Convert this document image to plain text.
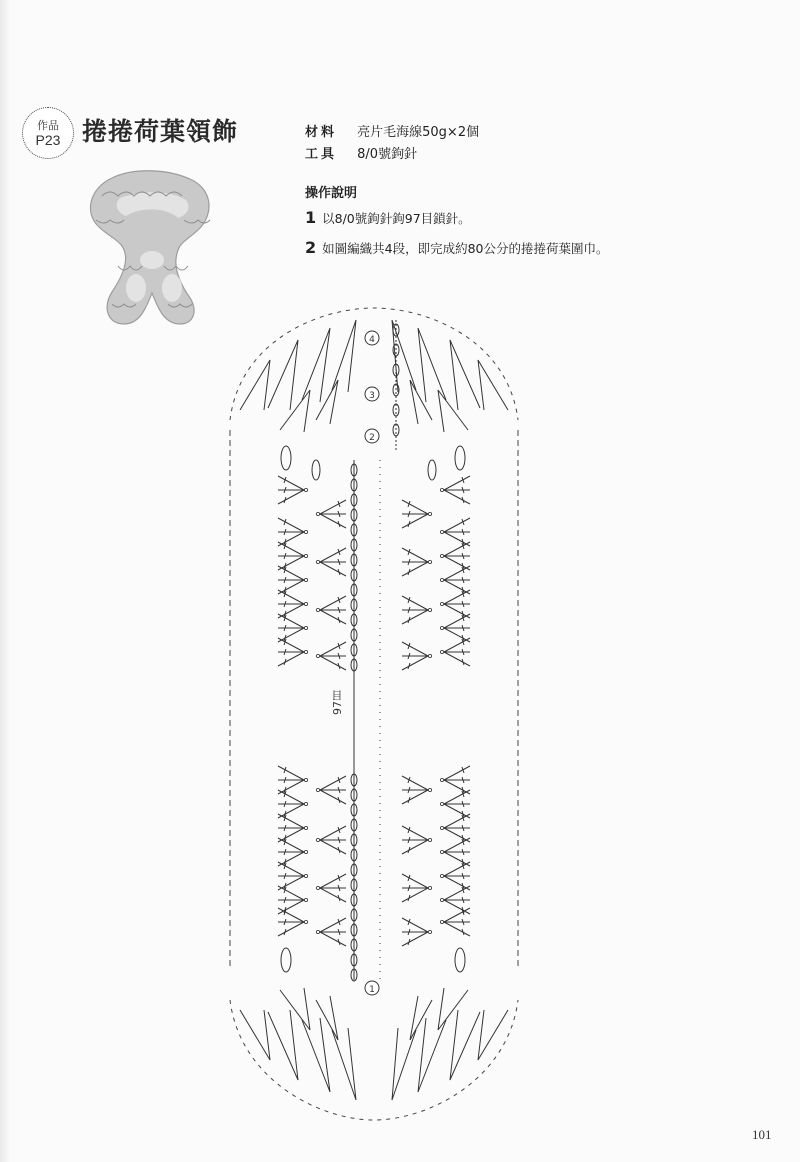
作品
P23 捲捲荷葉領飾	材料 亮片毛海線50g×2個
工具 8/0號鉤針
操作說明
1 以8/0號鉤針鉤97目鎖針。
2 如圖編織共4段，即完成約80公分的捲捲荷葉圍巾。
4
3
2
1
97目
101
